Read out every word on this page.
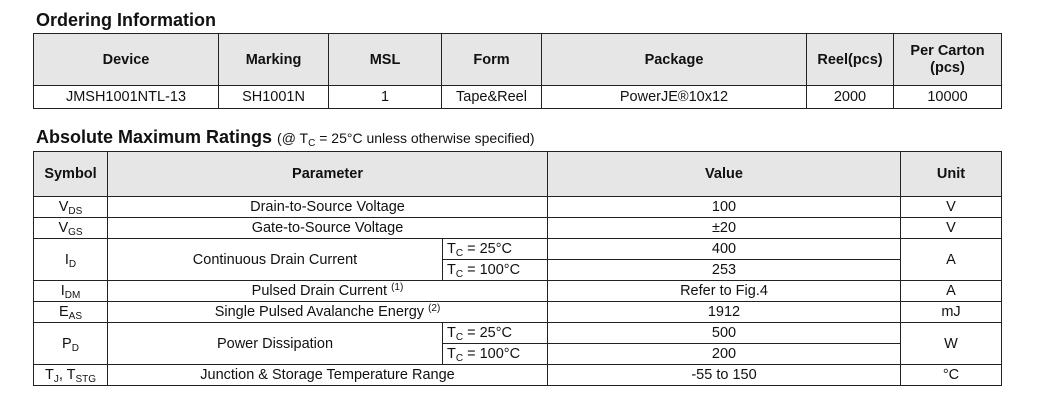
Ordering Information
Device	Marking	MSL	Form	Package	Reel(pcs)	Per Carton
(pcs)
JMSH1001NTL-13	SH1001N	1	Tape&Reel	PowerJE®10x12	2000	10000
Absolute Maximum Ratings (@ $T_C = 25^\circ C$ unless otherwise specified)
Symbol	Parameter		Value	Unit
$V_{DS}$	Drain-to-Source Voltage		100	V
$V_{GS}$	Gate-to-Source Voltage		±20	V
$I_D$	Continuous Drain Current	$T_C = 25^\circ C$	400	A
		$T_C = 100^\circ C$	253	
$I_{DM}$	Pulsed Drain Current $^{(1)}$		Refer to Fig.4	A
$E_{AS}$	Single Pulsed Avalanche Energy $^{(2)}$		1912	mJ
$P_D$	Power Dissipation	$T_C = 25^\circ C$	500	W
		$T_C = 100^\circ C$	200	
$T_J$, $T_{STG}$	Junction & Storage Temperature Range		-55 to 150	°C
